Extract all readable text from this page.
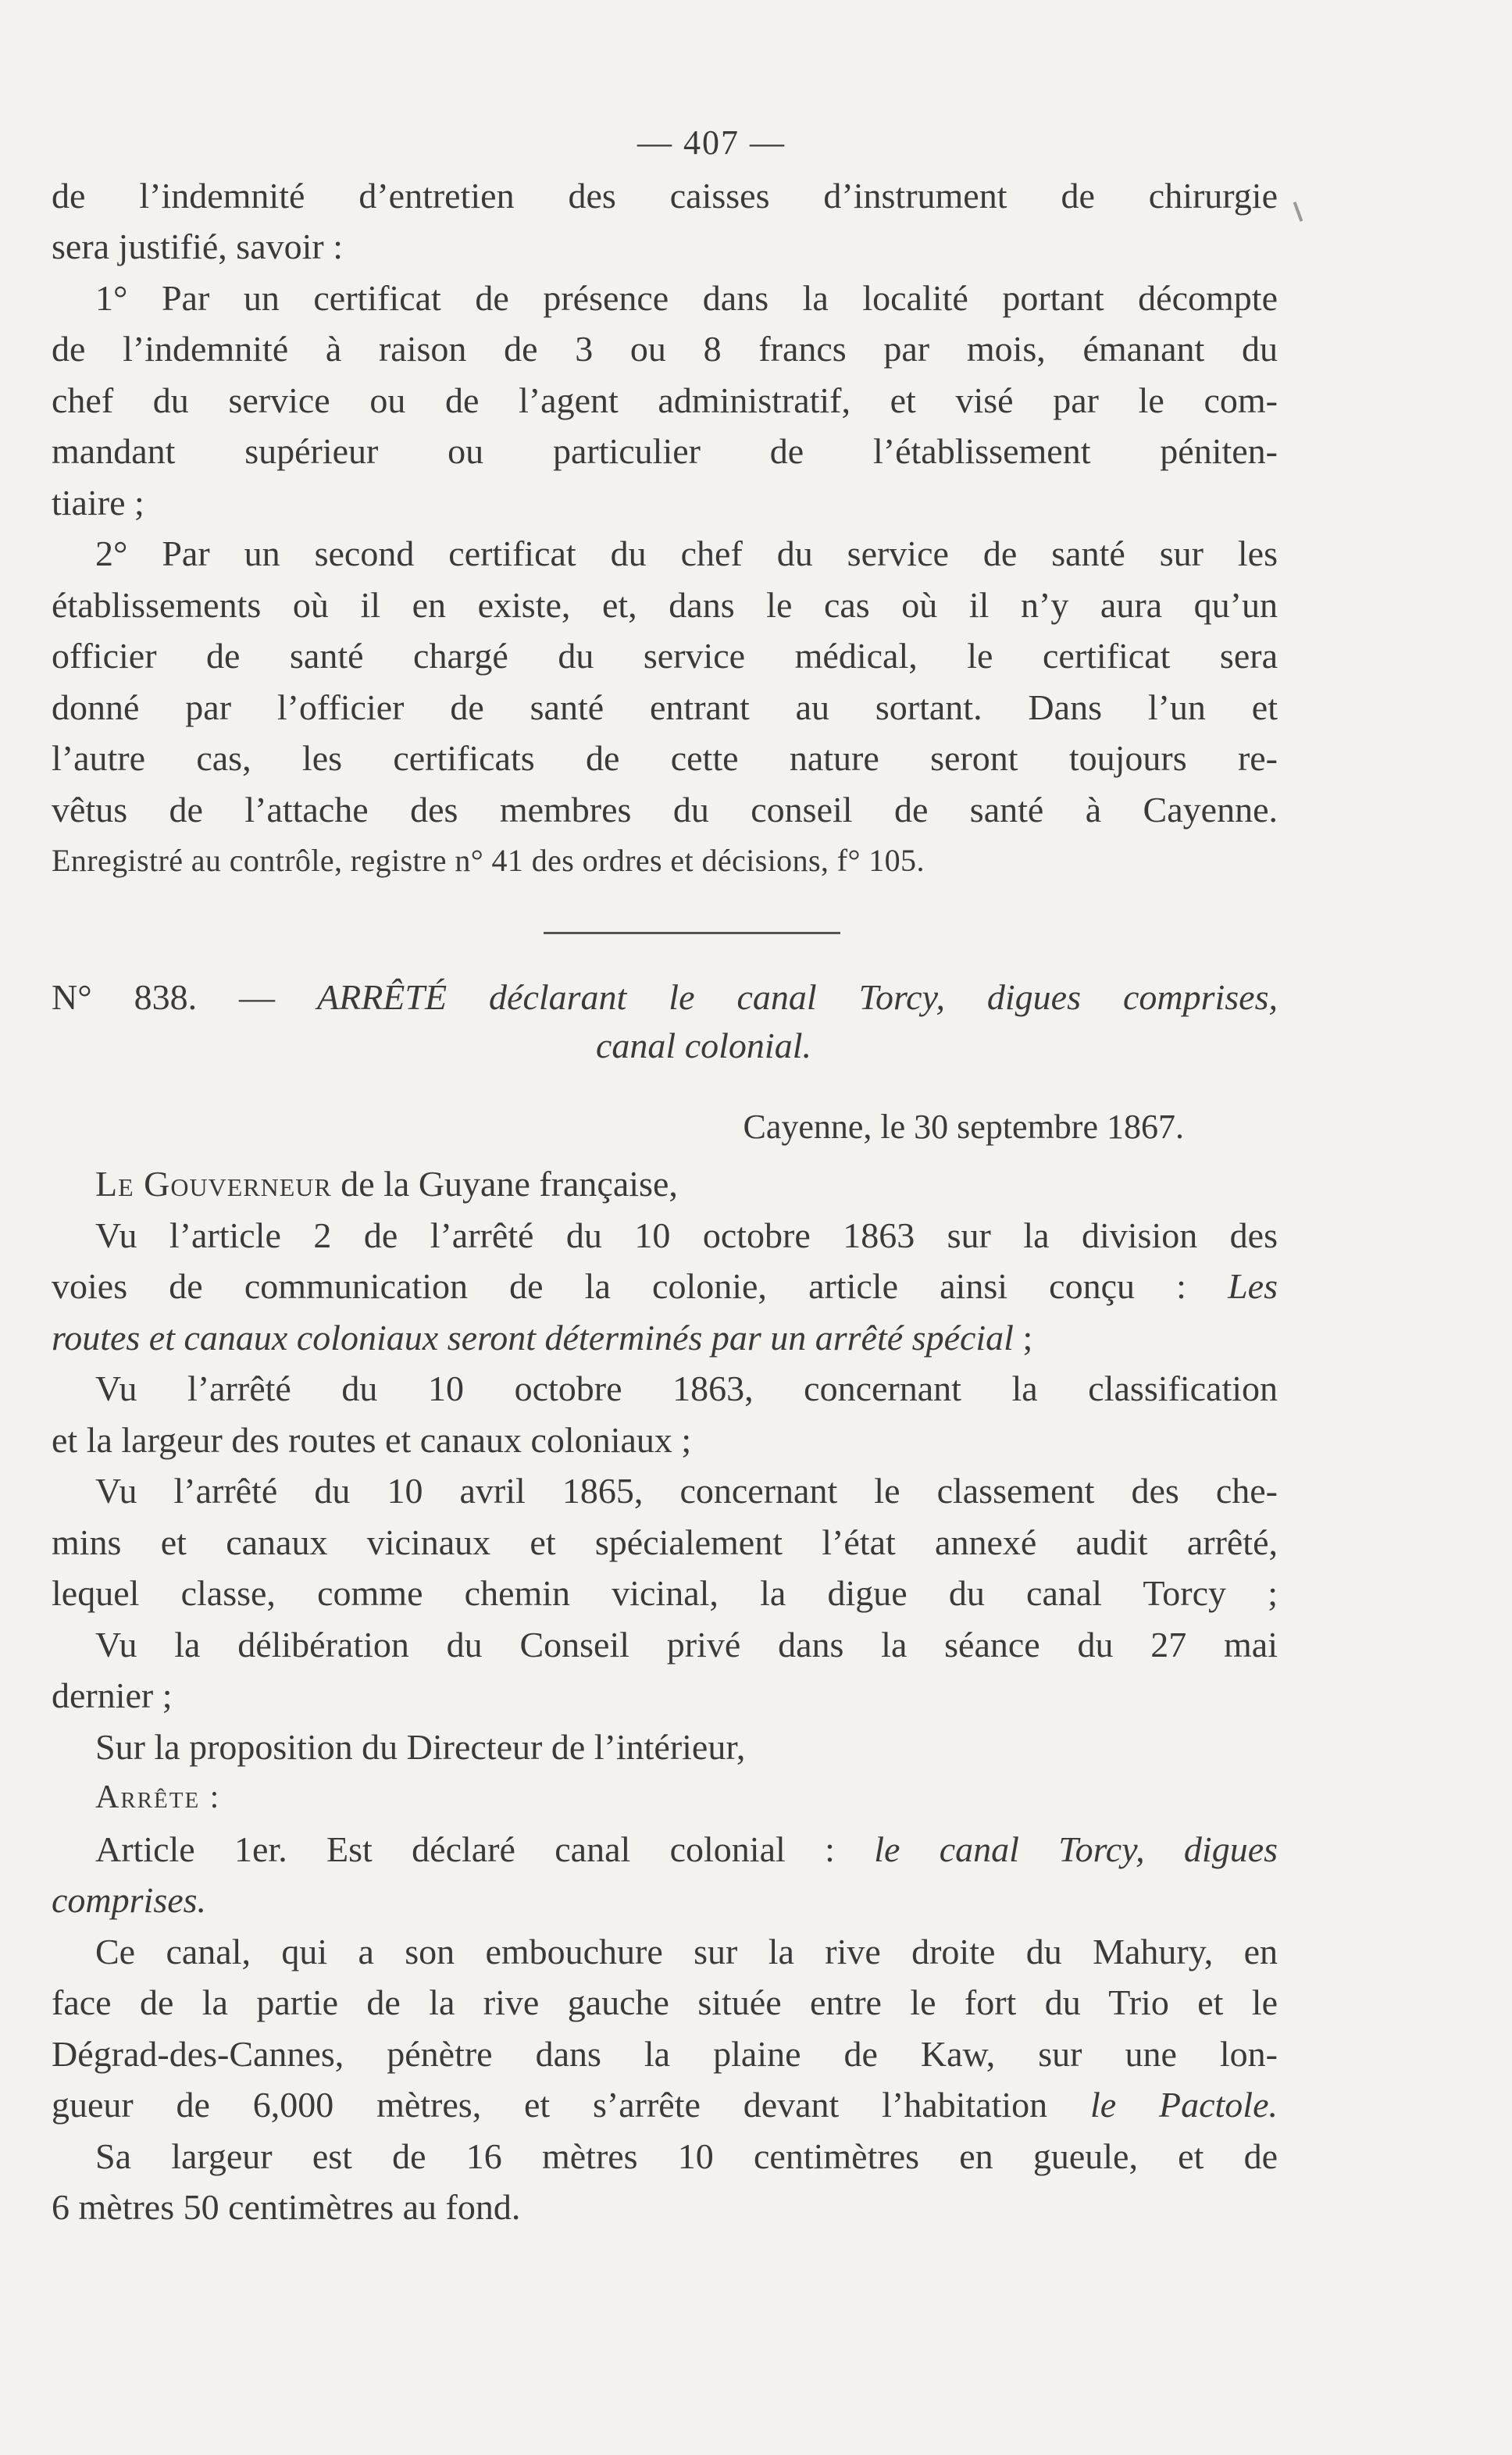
— 407 —

de l’indemnité d’entretien des caisses d’instrument de chirurgie

sera justifié, savoir :

1° Par un certificat de présence dans la localité portant décompte

de l’indemnité à raison de 3 ou 8 francs par mois, émanant du

chef du service ou de l’agent administratif, et visé par le com-

mandant supérieur ou particulier de l’établissement péniten-

tiaire ;

2° Par un second certificat du chef du service de santé sur les

établissements où il en existe, et, dans le cas où il n’y aura qu’un

officier de santé chargé du service médical, le certificat sera

donné par l’officier de santé entrant au sortant. Dans l’un et

l’autre cas, les certificats de cette nature seront toujours re-

vêtus de l’attache des membres du conseil de santé à Cayenne.

Enregistré au contrôle, registre n° 41 des ordres et décisions, f° 105.

N° 838. — ARRÊTÉ déclarant le canal Torcy, digues comprises,

canal colonial.

Cayenne, le 30 septembre 1867.

Le Gouverneur de la Guyane française,

Vu l’article 2 de l’arrêté du 10 octobre 1863 sur la division des

voies de communication de la colonie, article ainsi conçu : Les

routes et canaux coloniaux seront déterminés par un arrêté spécial ;

Vu l’arrêté du 10 octobre 1863, concernant la classification

et la largeur des routes et canaux coloniaux ;

Vu l’arrêté du 10 avril 1865, concernant le classement des che-

mins et canaux vicinaux et spécialement l’état annexé audit arrêté,

lequel classe, comme chemin vicinal, la digue du canal Torcy ;

Vu la délibération du Conseil privé dans la séance du 27 mai

dernier ;

Sur la proposition du Directeur de l’intérieur,

Arrête :

Article 1er. Est déclaré canal colonial : le canal Torcy, digues

comprises.

Ce canal, qui a son embouchure sur la rive droite du Mahury, en

face de la partie de la rive gauche située entre le fort du Trio et le

Dégrad-des-Cannes, pénètre dans la plaine de Kaw, sur une lon-

gueur de 6,000 mètres, et s’arrête devant l’habitation le Pactole.

Sa largeur est de 16 mètres 10 centimètres en gueule, et de

6 mètres 50 centimètres au fond.
